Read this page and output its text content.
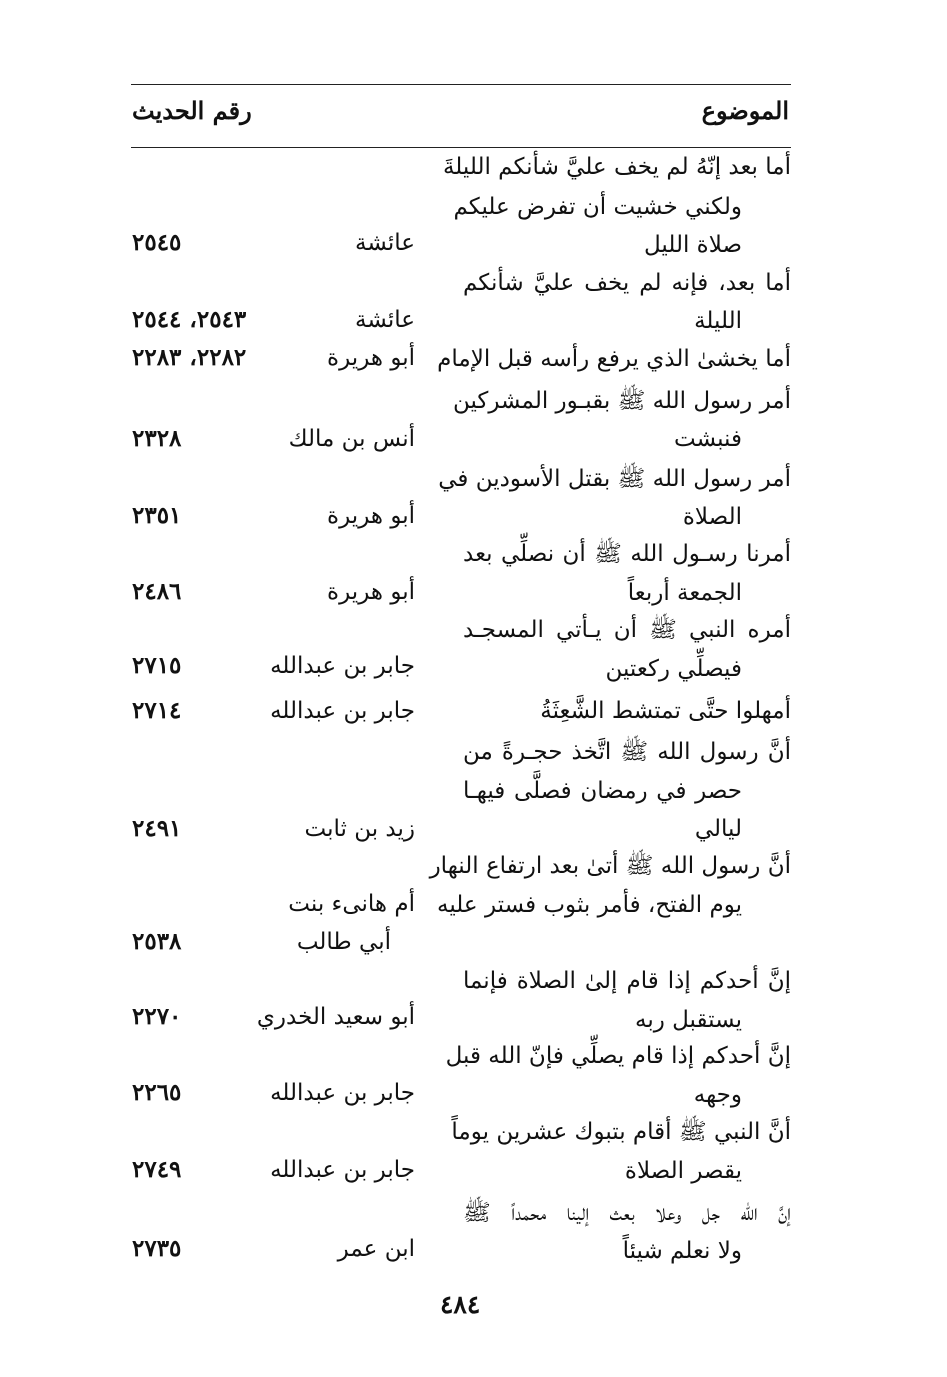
الموضوع
رقم الحديث
أما بعد إنّهُ لم يخف عليَّ شأنكم الليلةَ
ولكني خشيت أن تفرض عليكم
صلاة الليل
عائشة
٢٥٤٥
أما بعد، فإنه لم يخف عليَّ شأنكم
الليلة
عائشة
٢٥٤٣، ٢٥٤٤
أما يخشىٰ الذي يرفع رأسه قبل الإمام
أبو هريرة
٢٢٨٢، ٢٢٨٣
أمر رسول الله ﷺ بقبـور المشركين
فنبشت
أنس بن مالك
٢٣٢٨
أمر رسول الله ﷺ بقتل الأسودين في
الصلاة
أبو هريرة
٢٣٥١
أمرنا رسـول الله ﷺ أن نصلِّي بعد
الجمعة أربعاً
أبو هريرة
٢٤٨٦
أمره النبي ﷺ أن يـأتي المسجـد
فيصلِّي ركعتين
جابر بن عبدالله
٢٧١٥
أمهلوا حتَّى تمتشط الشَّعِثَةُ
جابر بن عبدالله
٢٧١٤
أنَّ رسول الله ﷺ اتَّخذ حجـرةً من
حصر في رمضان فصلَّى فيهـا
ليالي
زيد بن ثابت
٢٤٩١
أنَّ رسول الله ﷺ أتىٰ بعد ارتفاع النهار
يوم الفتح، فأمر بثوب فستر عليه
أم هانىء بنت
أبي طالب
٢٥٣٨
إنَّ أحدكم إذا قام إلىٰ الصلاة فإنما
يستقبل ربه
أبو سعيد الخدري
٢٢٧٠
إنَّ أحدكم إذا قام يصلِّي فإنّ الله قبل
وجهه
جابر بن عبدالله
٢٢٦٥
أنَّ النبي ﷺ أقام بتبوك عشرين يوماً
يقصر الصلاة
جابر بن عبدالله
٢٧٤٩
إنَّ الله جل وعلا بعث إلينا محمداً ﷺ
ولا نعلم شيئاً
ابن عمر
٢٧٣٥
٤٨٤
